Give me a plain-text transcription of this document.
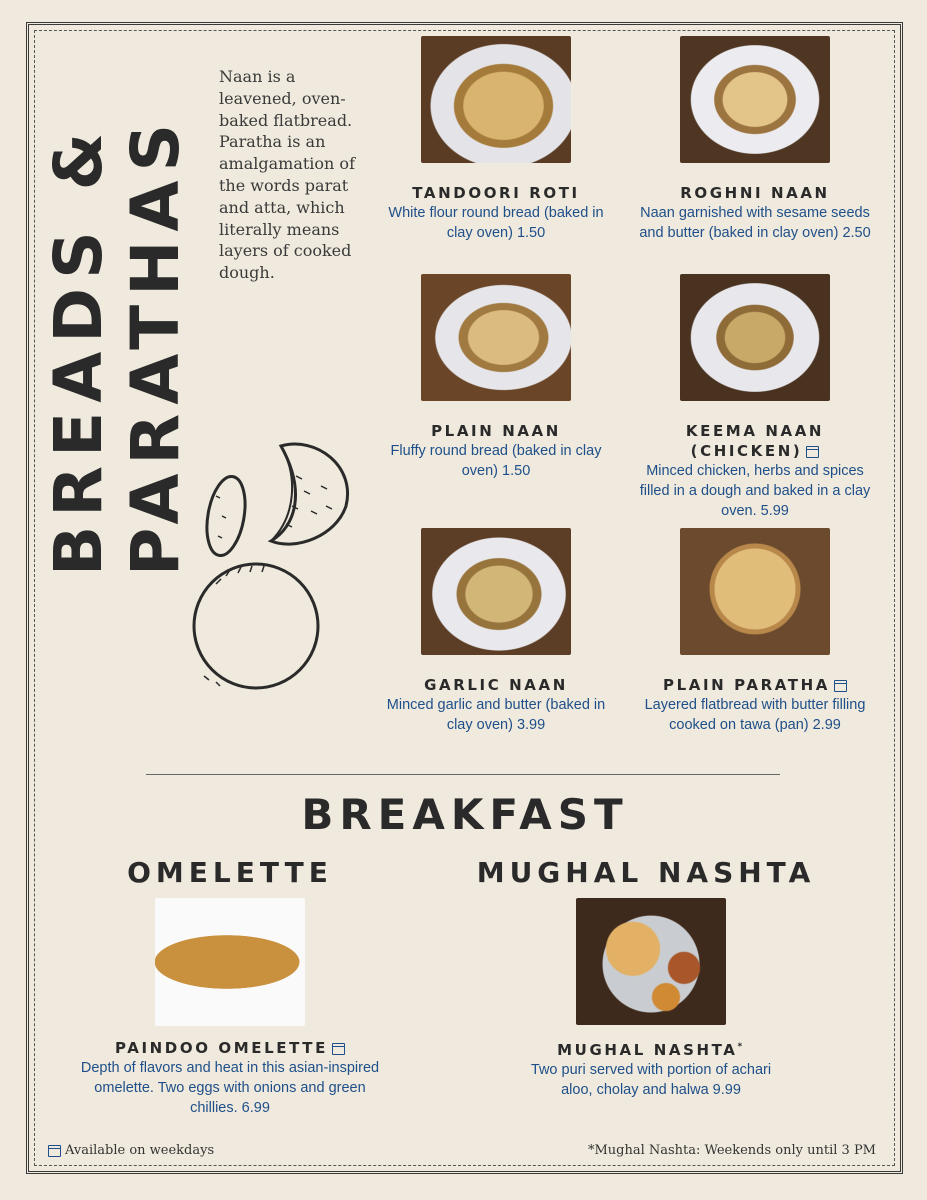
BREADS & PARATHAS
Naan is a leavened, oven-baked flatbread. Paratha is an amalgamation of the words parat and atta, which literally means layers of cooked dough.
TANDOORI ROTI
White flour round bread (baked in clay oven) 1.50
ROGHNI NAAN
Naan garnished with sesame seeds and butter (baked in clay oven) 2.50
PLAIN NAAN
Fluffy round bread (baked in clay oven) 1.50
KEEMA NAAN (CHICKEN)
Minced chicken, herbs and spices filled in a dough and baked in a clay oven. 5.99
GARLIC NAAN
Minced garlic and butter (baked in clay oven) 3.99
PLAIN PARATHA
Layered flatbread with butter filling cooked on tawa (pan) 2.99
BREAKFAST
OMELETTE	MUGHAL NASHTA
PAINDOO OMELETTE
Depth of flavors and heat in this asian-inspired omelette. Two eggs with onions and green chillies. 6.99
MUGHAL NASHTA*
Two puri served with portion of achari aloo, cholay and halwa 9.99
Available on weekdays	*Mughal Nashta: Weekends only until 3 PM
